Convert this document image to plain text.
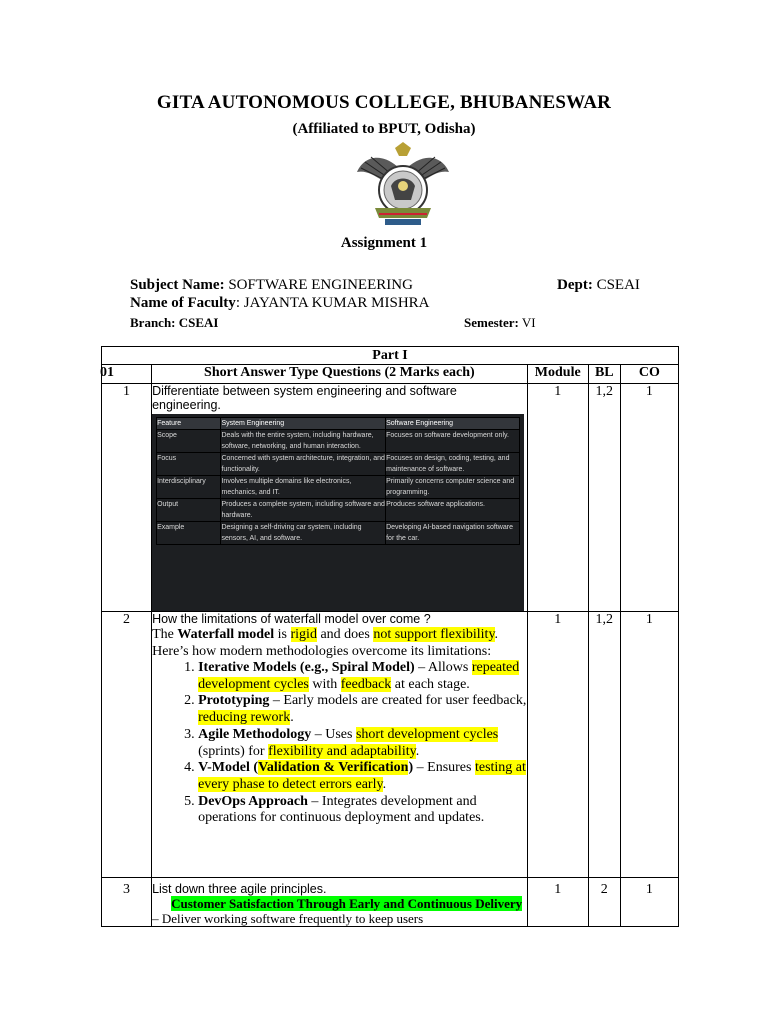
GITA AUTONOMOUS COLLEGE, BHUBANESWAR
(Affiliated to BPUT, Odisha)
Assignment 1
Subject Name: SOFTWARE ENGINEERING	Dept: CSEAI
Name of Faculty: JAYANTA KUMAR MISHRA
Branch: CSEAI	Semester: VI
Part I
01	Short Answer Type Questions (2 Marks each)	Module	BL	CO
1	Differentiate between system engineering and software engineering.
Feature	System Engineering	Software Engineering
Scope	Deals with the entire system, including hardware, software, networking, and human interaction.	Focuses on software development only.
Focus	Concerned with system architecture, integration, and functionality.	Focuses on design, coding, testing, and maintenance of software.
Interdisciplinary	Involves multiple domains like electronics, mechanics, and IT.	Primarily concerns computer science and programming.
Output	Produces a complete system, including software and hardware.	Produces software applications.
Example	Designing a self-driving car system, including sensors, AI, and software.	Developing AI-based navigation software for the car.
	1	1,2	1
2	How the limitations of waterfall model over come ?
The Waterfall model is rigid and does not support flexibility. Here’s how modern methodologies overcome its limitations:
1. Iterative Models (e.g., Spiral Model) – Allows repeated development cycles with feedback at each stage.
2. Prototyping – Early models are created for user feedback, reducing rework.
3. Agile Methodology – Uses short development cycles (sprints) for flexibility and adaptability.
4. V-Model (Validation & Verification) – Ensures testing at every phase to detect errors early.
5. DevOps Approach – Integrates development and operations for continuous deployment and updates.
	1	1,2	1
3	List down three agile principles.
Customer Satisfaction Through Early and Continuous Delivery – Deliver working software frequently to keep users
	1	2	1
